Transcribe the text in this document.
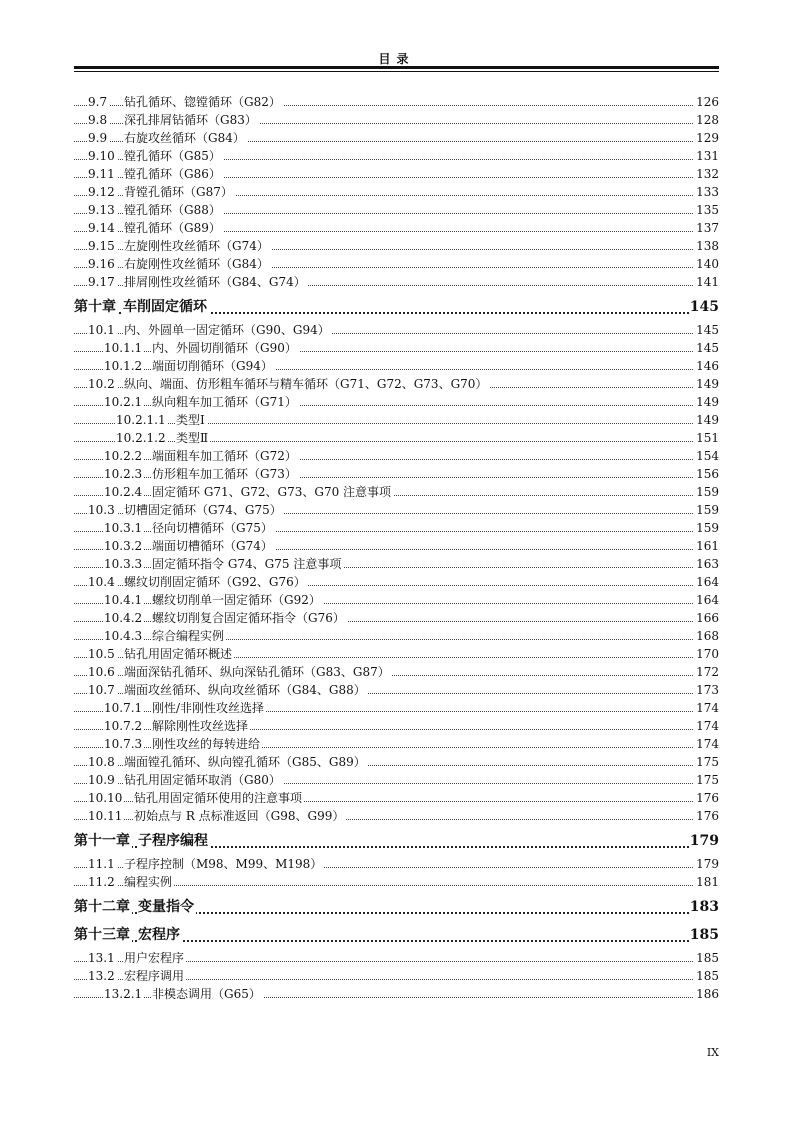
目录
9.7 钻孔循环、锪镗循环（G82）	126
9.8 深孔排屑钻循环（G83）	128
9.9 右旋攻丝循环（G84）	129
9.10 镗孔循环（G85）	131
9.11 镗孔循环（G86）	132
9.12 背镗孔循环（G87）	133
9.13 镗孔循环（G88）	135
9.14 镗孔循环（G89）	137
9.15 左旋刚性攻丝循环（G74）	138
9.16 右旋刚性攻丝循环（G84）	140
9.17 排屑刚性攻丝循环（G84、G74）	141
第十章 车削固定循环	145
10.1 内、外圆单一固定循环（G90、G94）	145
10.1.1 内、外圆切削循环（G90）	145
10.1.2 端面切削循环（G94）	146
10.2 纵向、端面、仿形粗车循环与精车循环（G71、G72、G73、G70）	149
10.2.1 纵向粗车加工循环（G71）	149
10.2.1.1 类型Ⅰ	149
10.2.1.2 类型Ⅱ	151
10.2.2 端面粗车加工循环（G72）	154
10.2.3 仿形粗车加工循环（G73）	156
10.2.4 固定循环 G71、G72、G73、G70 注意事项	159
10.3 切槽固定循环（G74、G75）	159
10.3.1 径向切槽循环（G75）	159
10.3.2 端面切槽循环（G74）	161
10.3.3 固定循环指令 G74、G75 注意事项	163
10.4 螺纹切削固定循环（G92、G76）	164
10.4.1 螺纹切削单一固定循环（G92）	164
10.4.2 螺纹切削复合固定循环指令（G76）	166
10.4.3 综合编程实例	168
10.5 钻孔用固定循环概述	170
10.6 端面深钻孔循环、纵向深钻孔循环（G83、G87）	172
10.7 端面攻丝循环、纵向攻丝循环（G84、G88）	173
10.7.1 刚性/非刚性攻丝选择	174
10.7.2 解除刚性攻丝选择	174
10.7.3 刚性攻丝的每转进给	174
10.8 端面镗孔循环、纵向镗孔循环（G85、G89）	175
10.9 钻孔用固定循环取消（G80）	175
10.10 钻孔用固定循环使用的注意事项	176
10.11 初始点与 R 点标准返回（G98、G99）	176
第十一章 子程序编程	179
11.1 子程序控制（M98、M99、M198）	179
11.2 编程实例	181
第十二章 变量指令	183
第十三章 宏程序	185
13.1 用户宏程序	185
13.2 宏程序调用	185
13.2.1 非模态调用（G65）	186
IX
